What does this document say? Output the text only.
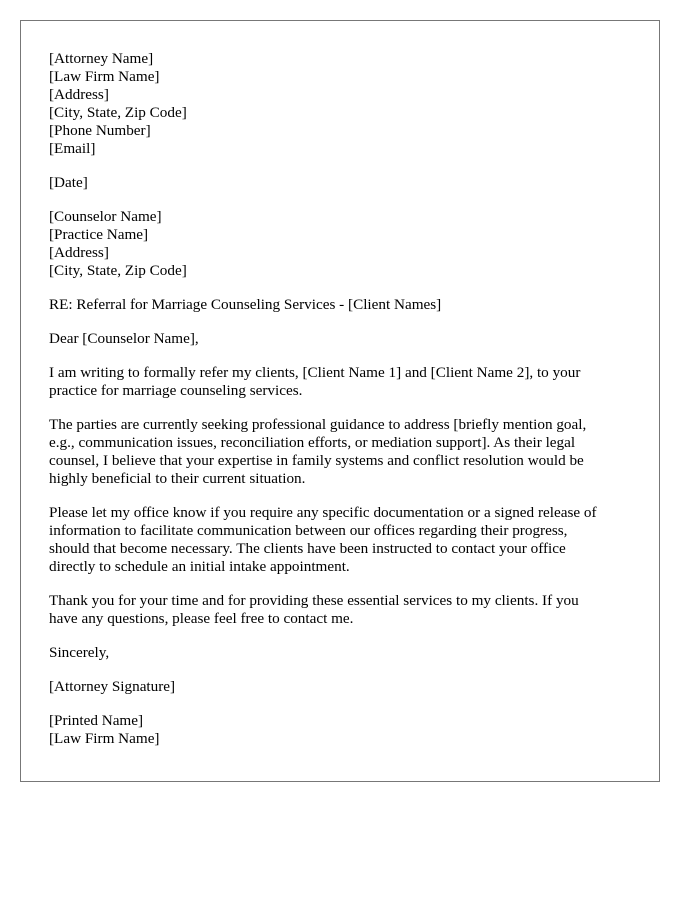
[Attorney Name]
[Law Firm Name]
[Address]
[City, State, Zip Code]
[Phone Number]
[Email]
[Date]
[Counselor Name]
[Practice Name]
[Address]
[City, State, Zip Code]
RE: Referral for Marriage Counseling Services - [Client Names]
Dear [Counselor Name],

I am writing to formally refer my clients, [Client Name 1] and [Client Name 2], to your
practice for marriage counseling services.

The parties are currently seeking professional guidance to address [briefly mention goal,
e.g., communication issues, reconciliation efforts, or mediation support]. As their legal
counsel, I believe that your expertise in family systems and conflict resolution would be
highly beneficial to their current situation.

Please let my office know if you require any specific documentation or a signed release of
information to facilitate communication between our offices regarding their progress,
should that become necessary. The clients have been instructed to contact your office
directly to schedule an initial intake appointment.

Thank you for your time and for providing these essential services to my clients. If you
have any questions, please feel free to contact me.

Sincerely,
[Attorney Signature]
[Printed Name]
[Law Firm Name]
